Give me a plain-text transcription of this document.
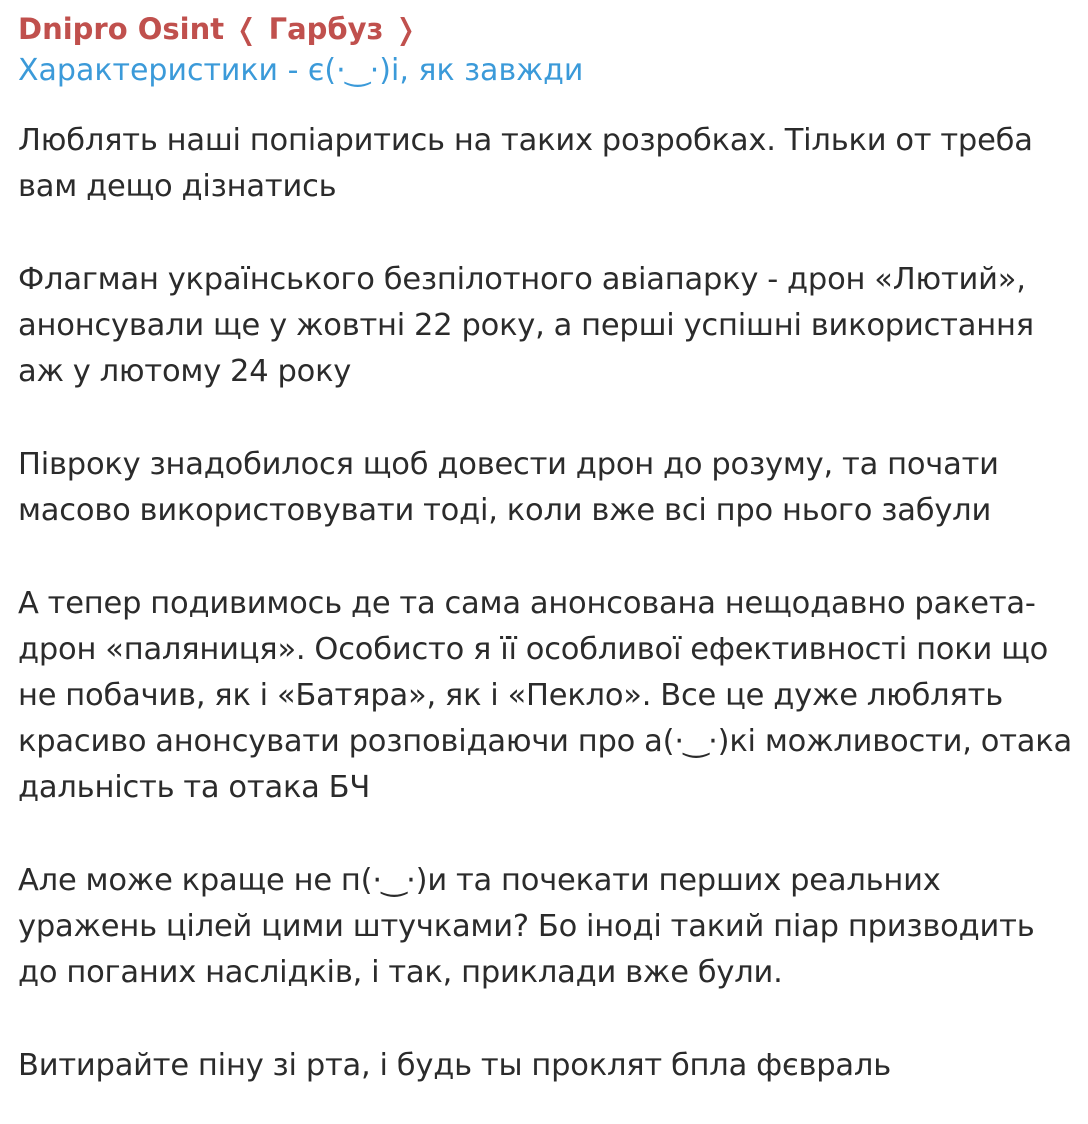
Dnipro Osint ❬ Гарбуз ❭
Характеристики - є(·‿·)і, як завжди

Люблять наші попіаритись на таких розробках. Тільки от треба вам дещо дізнатись

Флагман українського безпілотного авіапарку - дрон «Лютий», анонсували ще у жовтні 22 року, а перші успішні використання аж у лютому 24 року

Півроку знадобилося щоб довести дрон до розуму, та почати масово використовувати тоді, коли вже всі про нього забули

А тепер подивимось де та сама анонсована нещодавно ракета-дрон «паляниця». Особисто я її особливої ефективності поки що не побачив, як і «Батяра», як і «Пекло». Все це дуже люблять красиво анонсувати розповідаючи про а(·‿·)кі можливости, отака дальність та отака БЧ

Але може краще не п(·‿·)и та почекати перших реальних уражень цілей цими штучками? Бо іноді такий піар призводить до поганих наслідків, і так, приклади вже були.

Витирайте піну зі рта, і будь ты проклят бпла фєвраль
